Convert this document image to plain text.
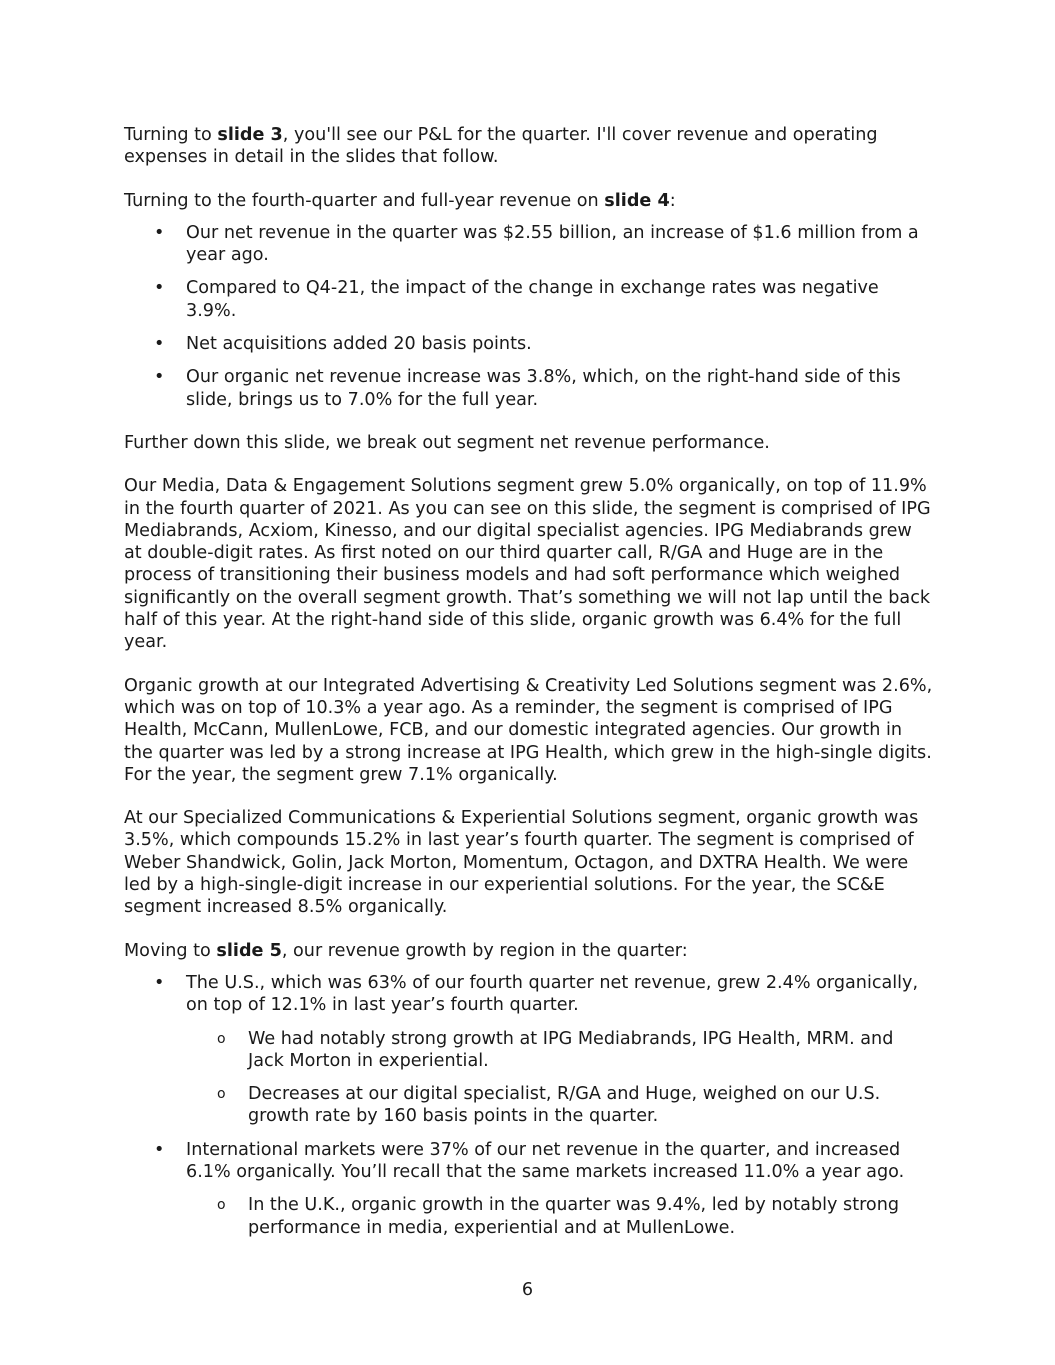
Turning to slide 3, you'll see our P&L for the quarter. I'll cover revenue and operating expenses in detail in the slides that follow.

Turning to the fourth-quarter and full-year revenue on slide 4:

• Our net revenue in the quarter was $2.55 billion, an increase of $1.6 million from a year ago.
• Compared to Q4-21, the impact of the change in exchange rates was negative 3.9%.
• Net acquisitions added 20 basis points.
• Our organic net revenue increase was 3.8%, which, on the right-hand side of this slide, brings us to 7.0% for the full year.

Further down this slide, we break out segment net revenue performance.

Our Media, Data & Engagement Solutions segment grew 5.0% organically, on top of 11.9% in the fourth quarter of 2021. As you can see on this slide, the segment is comprised of IPG Mediabrands, Acxiom, Kinesso, and our digital specialist agencies. IPG Mediabrands grew at double-digit rates. As first noted on our third quarter call, R/GA and Huge are in the process of transitioning their business models and had soft performance which weighed significantly on the overall segment growth. That’s something we will not lap until the back half of this year. At the right-hand side of this slide, organic growth was 6.4% for the full year.

Organic growth at our Integrated Advertising & Creativity Led Solutions segment was 2.6%, which was on top of 10.3% a year ago. As a reminder, the segment is comprised of IPG Health, McCann, MullenLowe, FCB, and our domestic integrated agencies. Our growth in the quarter was led by a strong increase at IPG Health, which grew in the high-single digits. For the year, the segment grew 7.1% organically.

At our Specialized Communications & Experiential Solutions segment, organic growth was 3.5%, which compounds 15.2% in last year’s fourth quarter. The segment is comprised of Weber Shandwick, Golin, Jack Morton, Momentum, Octagon, and DXTRA Health. We were led by a high-single-digit increase in our experiential solutions. For the year, the SC&E segment increased 8.5% organically.

Moving to slide 5, our revenue growth by region in the quarter:

• The U.S., which was 63% of our fourth quarter net revenue, grew 2.4% organically, on top of 12.1% in last year’s fourth quarter.
o We had notably strong growth at IPG Mediabrands, IPG Health, MRM. and Jack Morton in experiential.
o Decreases at our digital specialist, R/GA and Huge, weighed on our U.S. growth rate by 160 basis points in the quarter.
• International markets were 37% of our net revenue in the quarter, and increased 6.1% organically. You’ll recall that the same markets increased 11.0% a year ago.
o In the U.K., organic growth in the quarter was 9.4%, led by notably strong performance in media, experiential and at MullenLowe.
6
